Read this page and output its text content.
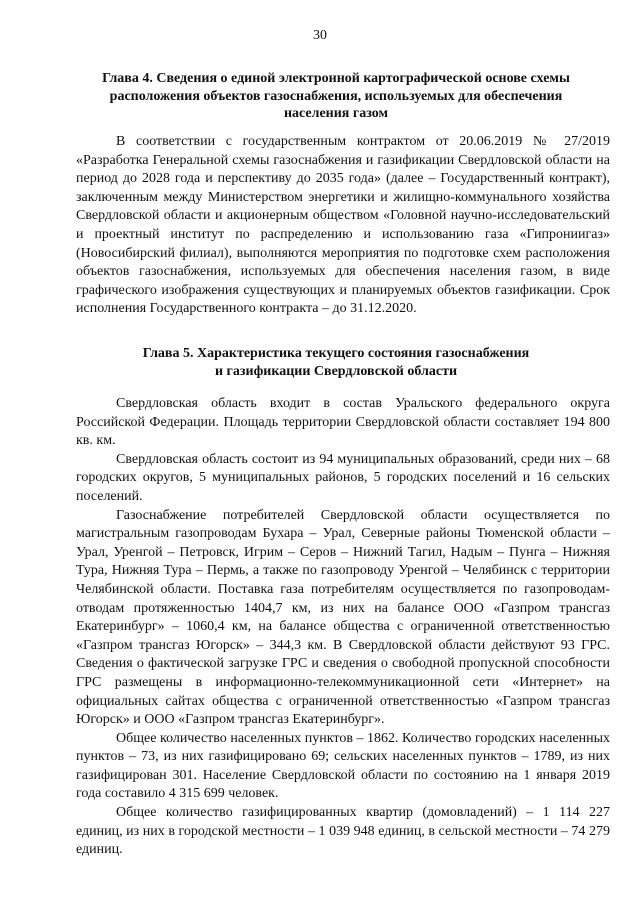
30
Глава 4. Сведения о единой электронной картографической основе схемы расположения объектов газоснабжения, используемых для обеспечения населения газом

В соответствии с государственным контрактом от 20.06.2019 № 27/2019 «Разработка Генеральной схемы газоснабжения и газификации Свердловской области на период до 2028 года и перспективу до 2035 года» (далее – Государственный контракт), заключенным между Министерством энергетики и жилищно-коммунального хозяйства Свердловской области и акционерным обществом «Головной научно-исследовательский и проектный институт по распределению и использованию газа «Гипрониигаз» (Новосибирский филиал), выполняются мероприятия по подготовке схем расположения объектов газоснабжения, используемых для обеспечения населения газом, в виде графического изображения существующих и планируемых объектов газификации. Срок исполнения Государственного контракта – до 31.12.2020.

Глава 5. Характеристика текущего состояния газоснабжения
и газификации Свердловской области

Свердловская область входит в состав Уральского федерального округа Российской Федерации. Площадь территории Свердловской области составляет 194 800 кв. км.

Свердловская область состоит из 94 муниципальных образований, среди них – 68 городских округов, 5 муниципальных районов, 5 городских поселений и 16 сельских поселений.

Газоснабжение потребителей Свердловской области осуществляется по магистральным газопроводам Бухара – Урал, Северные районы Тюменской области – Урал, Уренгой – Петровск, Игрим – Серов – Нижний Тагил, Надым – Пунга – Нижняя Тура, Нижняя Тура – Пермь, а также по газопроводу Уренгой – Челябинск с территории Челябинской области. Поставка газа потребителям осуществляется по газопроводам-отводам протяженностью 1404,7 км, из них на балансе ООО «Газпром трансгаз Екатеринбург» – 1060,4 км, на балансе общества с ограниченной ответственностью «Газпром трансгаз Югорск» – 344,3 км. В Свердловской области действуют 93 ГРС. Сведения о фактической загрузке ГРС и сведения о свободной пропускной способности ГРС размещены в информационно-телекоммуникационной сети «Интернет» на официальных сайтах общества с ограниченной ответственностью «Газпром трансгаз Югорск» и ООО «Газпром трансгаз Екатеринбург».

Общее количество населенных пунктов – 1862. Количество городских населенных пунктов – 73, из них газифицировано 69; сельских населенных пунктов – 1789, из них газифицирован 301. Население Свердловской области по состоянию на 1 января 2019 года составило 4 315 699 человек.

Общее количество газифицированных квартир (домовладений) – 1 114 227 единиц, из них в городской местности – 1 039 948 единиц, в сельской местности – 74 279 единиц.
